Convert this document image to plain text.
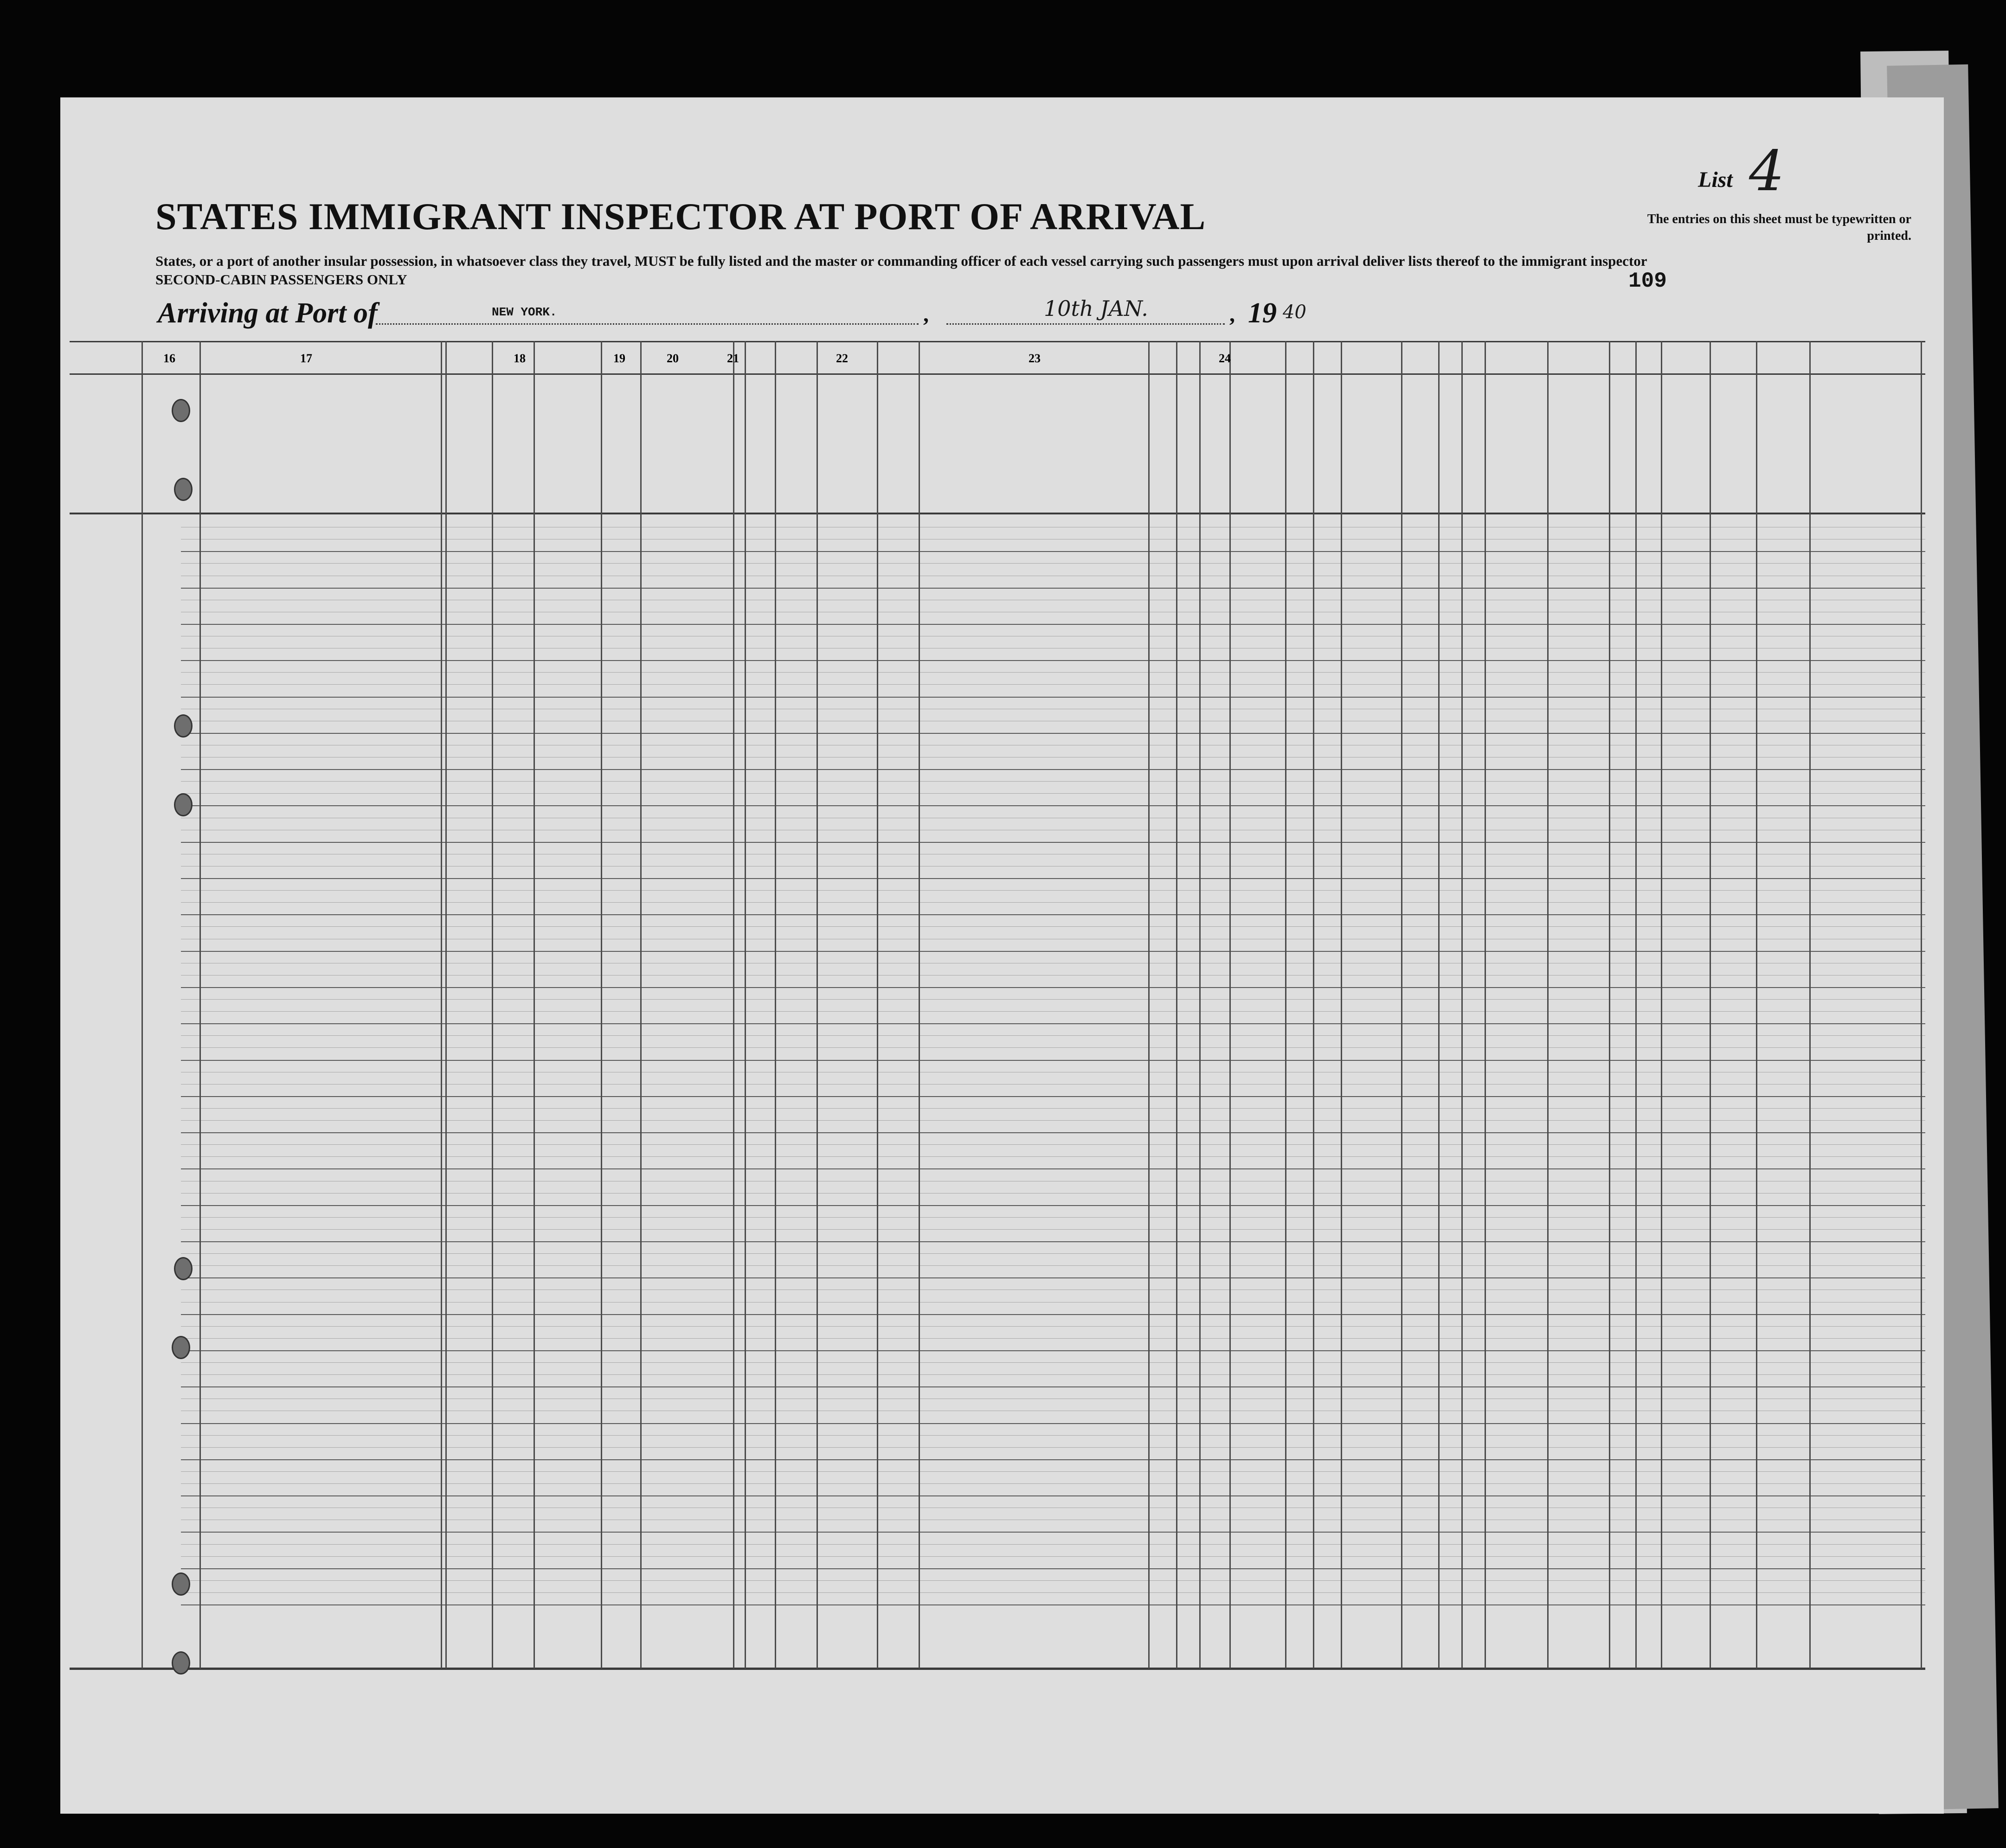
STATES IMMIGRANT INSPECTOR AT PORT OF ARRIVAL
States, or a port of another insular possession, in whatsoever class they travel, MUST be fully listed and the master or commanding officer of each vessel carrying such passengers must upon arrival deliver lists thereof to the immigrant inspector
SECOND-CABIN PASSENGERS ONLY
List 4
The entries on this sheet must be typewritten or printed.
109
Arriving at Port of	NEW YORK.	,	10th JAN.	, 19 40
16	17	18	19	20	21	22	23	24
